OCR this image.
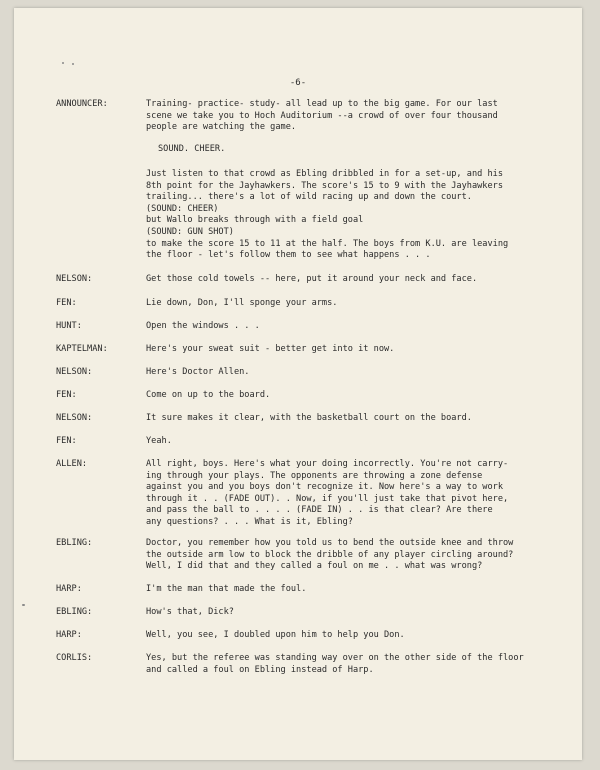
-6-
ANNOUNCER:	Training- practice- study- all lead up to the big game. For our last
scene we take you to Hoch Auditorium --a crowd of over four thousand
people are watching the game.
SOUND. CHEER.
Just listen to that crowd as Ebling dribbled in for a set-up, and his
8th point for the Jayhawkers. The score's 15 to 9 with the Jayhawkers
trailing... there's a lot of wild racing up and down the court.
(SOUND: CHEER)
but Wallo breaks through with a field goal
(SOUND: GUN SHOT)
to make the score 15 to 11 at the half. The boys from K.U. are leaving
the floor - let's follow them to see what happens . . .
NELSON:	Get those cold towels -- here, put it around your neck and face.
FEN:	Lie down, Don, I'll sponge your arms.
HUNT:	Open the windows . . .
KAPTELMAN:	Here's your sweat suit - better get into it now.
NELSON:	Here's Doctor Allen.
FEN:	Come on up to the board.
NELSON:	It sure makes it clear, with the basketball court on the board.
FEN:	Yeah.
ALLEN:	All right, boys. Here's what your doing incorrectly. You're not carry-
ing through your plays. The opponents are throwing a zone defense
against you and you boys don't recognize it. Now here's a way to work
through it . . (FADE OUT). . Now, if you'll just take that pivot here,
and pass the ball to . . . . (FADE IN) . . is that clear? Are there
any questions? . . . What is it, Ebling?
EBLING:	Doctor, you remember how you told us to bend the outside knee and throw
the outside arm low to block the dribble of any player circling around?
Well, I did that and they called a foul on me . . what was wrong?
HARP:	I'm the man that made the foul.
EBLING:	How's that, Dick?
HARP:	Well, you see, I doubled upon him to help you Don.
CORLIS:	Yes, but the referee was standing way over on the other side of the floor
and called a foul on Ebling instead of Harp.
